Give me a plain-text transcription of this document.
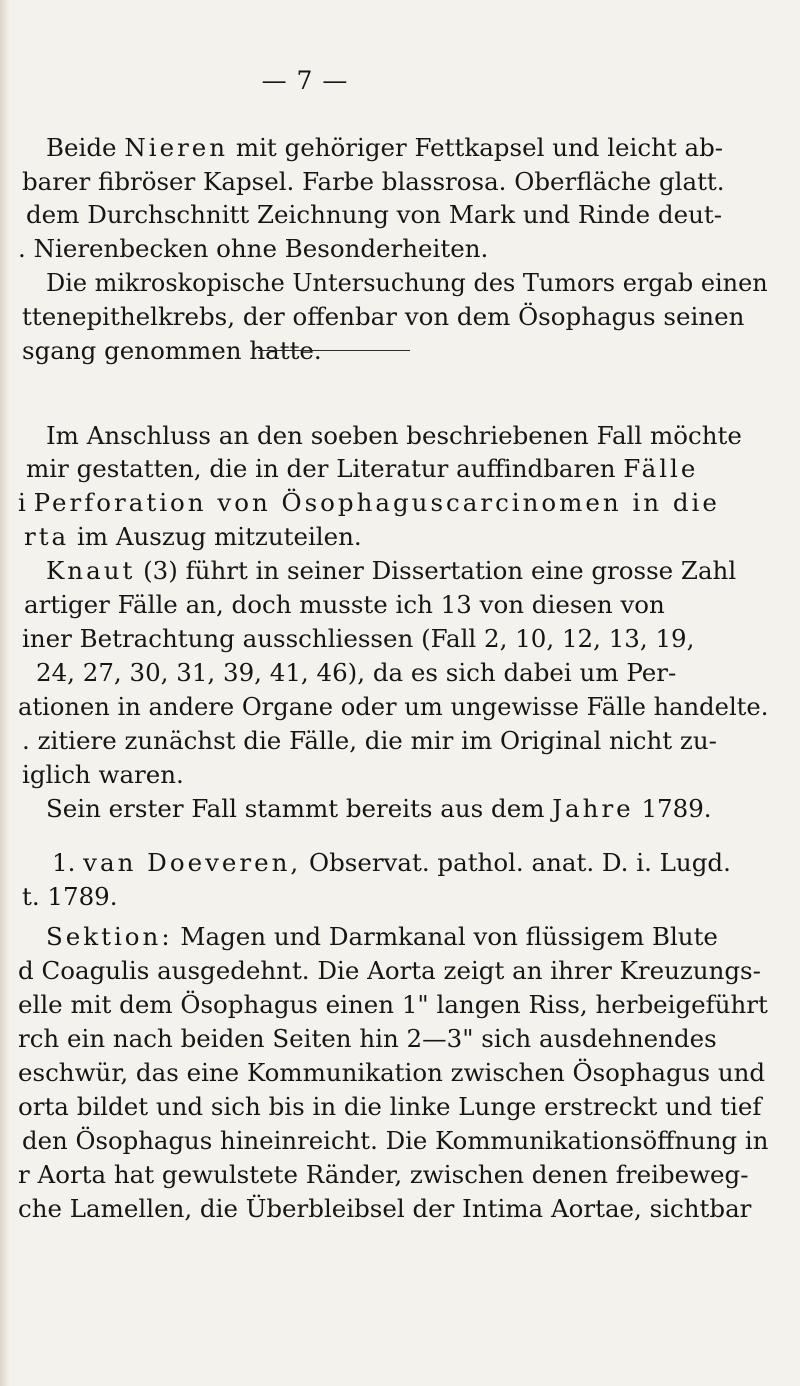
— 7 —
Beide Nieren mit gehöriger Fettkapsel und leicht ab-
barer fibröser Kapsel. Farbe blassrosa. Oberfläche glatt.
dem Durchschnitt Zeichnung von Mark und Rinde deut-
. Nierenbecken ohne Besonderheiten.
Die mikroskopische Untersuchung des Tumors ergab einen
ttenepithelkrebs, der offenbar von dem Ösophagus seinen
sgang genommen hatte.
Im Anschluss an den soeben beschriebenen Fall möchte
mir gestatten, die in der Literatur auffindbaren Fälle
i Perforation von Ösophaguscarcinomen in die
rta im Auszug mitzuteilen.
Knaut (3) führt in seiner Dissertation eine grosse Zahl
artiger Fälle an, doch musste ich 13 von diesen von
iner Betrachtung ausschliessen (Fall 2, 10, 12, 13, 19,
24, 27, 30, 31, 39, 41, 46), da es sich dabei um Per-
ationen in andere Organe oder um ungewisse Fälle handelte.
. zitiere zunächst die Fälle, die mir im Original nicht zu-
iglich waren.
Sein erster Fall stammt bereits aus dem Jahre 1789.
1. van Doeveren, Observat. pathol. anat. D. i. Lugd.
t. 1789.
Sektion: Magen und Darmkanal von flüssigem Blute
d Coagulis ausgedehnt. Die Aorta zeigt an ihrer Kreuzungs-
elle mit dem Ösophagus einen 1" langen Riss, herbeigeführt
rch ein nach beiden Seiten hin 2—3" sich ausdehnendes
eschwür, das eine Kommunikation zwischen Ösophagus und
orta bildet und sich bis in die linke Lunge erstreckt und tief
den Ösophagus hineinreicht. Die Kommunikationsöffnung in
r Aorta hat gewulstete Ränder, zwischen denen freibeweg-
che Lamellen, die Überbleibsel der Intima Aortae, sichtbar
